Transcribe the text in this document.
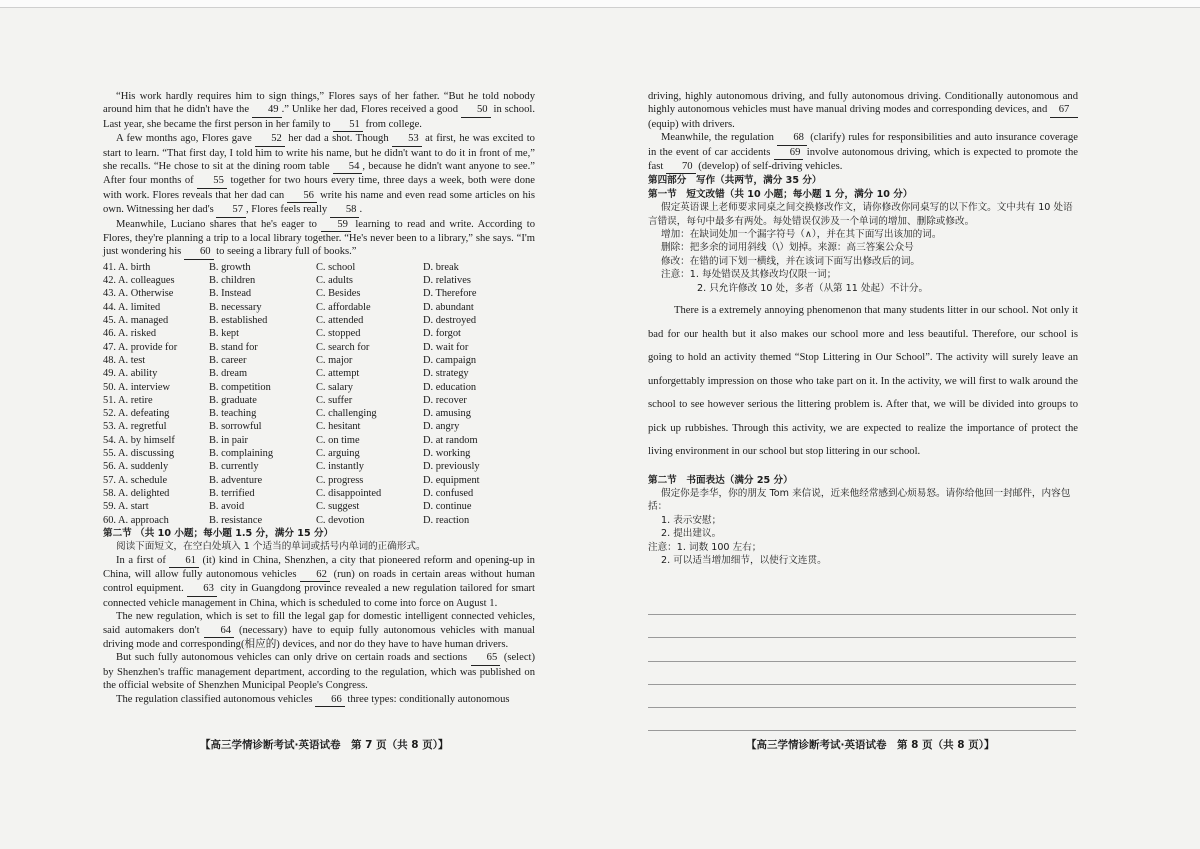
“His work hardly requires him to sign things,” Flores says of her father. “But he told nobody around him that he didn't have the 49 .” Unlike her dad, Flores received a good 50 in school. Last year, she became the first person in her family to 51 from college.

A few months ago, Flores gave 52 her dad a shot. Though 53 at first, he was excited to start to learn. “That first day, I told him to write his name, but he didn't want to do it in front of me,” she recalls. “He chose to sit at the dining room table 54 , because he didn't want anyone to see.” After four months of 55 together for two hours every time, three days a week, both were done with work. Flores reveals that her dad can 56 write his name and even read some articles on his own. Witnessing her dad's 57 , Flores feels really 58 .

Meanwhile, Luciano shares that he's eager to 59 learning to read and write. According to Flores, they're planning a trip to a local library together. “He's never been to a library,” she says. “I'm just wondering his 60 to seeing a library full of books.”

41. A. birth	B. growth	C. school	D. break
42. A. colleagues	B. children	C. adults	D. relatives
43. A. Otherwise	B. Instead	C. Besides	D. Therefore
44. A. limited	B. necessary	C. affordable	D. abundant
45. A. managed	B. established	C. attended	D. destroyed
46. A. risked	B. kept	C. stopped	D. forgot
47. A. provide for	B. stand for	C. search for	D. wait for
48. A. test	B. career	C. major	D. campaign
49. A. ability	B. dream	C. attempt	D. strategy
50. A. interview	B. competition	C. salary	D. education
51. A. retire	B. graduate	C. suffer	D. recover
52. A. defeating	B. teaching	C. challenging	D. amusing
53. A. regretful	B. sorrowful	C. hesitant	D. angry
54. A. by himself	B. in pair	C. on time	D. at random
55. A. discussing	B. complaining	C. arguing	D. working
56. A. suddenly	B. currently	C. instantly	D. previously
57. A. schedule	B. adventure	C. progress	D. equipment
58. A. delighted	B. terrified	C. disappointed	D. confused
59. A. start	B. avoid	C. suggest	D. continue
60. A. approach	B. resistance	C. devotion	D. reaction

第二节 （共 10 小题；每小题 1.5 分，满分 15 分）

阅读下面短文，在空白处填入 1 个适当的单词或括号内单词的正确形式。

In a first of 61 (it) kind in China, Shenzhen, a city that pioneered reform and opening-up in China, will allow fully autonomous vehicles 62 (run) on roads in certain areas without human control equipment. 63 city in Guangdong province revealed a new regulation tailored for smart connected vehicle management in China, which is scheduled to come into force on August 1.

The new regulation, which is set to fill the legal gap for domestic intelligent connected vehicles, said automakers don't 64 (necessary) have to equip fully autonomous vehicles with manual driving mode and corresponding(相应的) devices, and nor do they have to have human drivers.

But such fully autonomous vehicles can only drive on certain roads and sections 65 (select) by Shenzhen's traffic management department, according to the regulation, which was published on the official website of Shenzhen Municipal People's Congress.

The regulation classified autonomous vehicles 66 three types: conditionally autonomous

driving, highly autonomous driving, and fully autonomous driving. Conditionally autonomous and highly autonomous vehicles must have manual driving modes and corresponding devices, and 67 (equip) with drivers.

Meanwhile, the regulation 68 (clarify) rules for responsibilities and auto insurance coverage in the event of car accidents 69 involve autonomous driving, which is expected to promote the fast 70 (develop) of self-driving vehicles.

第四部分　写作（共两节，满分 35 分）

第一节　短文改错（共 10 小题；每小题 1 分，满分 10 分）

假定英语课上老师要求同桌之间交换修改作文，请你修改你同桌写的以下作文。文中共有 10 处语言错误，每句中最多有两处。每处错误仅涉及一个单词的增加、删除或修改。

增加：在缺词处加一个漏字符号（∧），并在其下面写出该加的词。

删除：把多余的词用斜线（\）划掉。来源：高三答案公众号

修改：在错的词下划一横线，并在该词下面写出修改后的词。

注意：1. 每处错误及其修改均仅限一词；

2. 只允许修改 10 处，多者（从第 11 处起）不计分。

There is a extremely annoying phenomenon that many students litter in our school. Not only it bad for our health but it also makes our school more and less beautiful. Therefore, our school is going to hold an activity themed “Stop Littering in Our School”. The activity will surely leave an unforgettably impression on those who take part on it. In the activity, we will first to walk around the school to see however serious the littering problem is. After that, we will be divided into groups to pick up rubbishes. Through this activity, we are expected to realize the importance of protect the living environment in our school but stop littering in our school.

第二节　书面表达（满分 25 分）

假定你是李华，你的朋友 Tom 来信说，近来他经常感到心烦易怒。请你给他回一封邮件，内容包括：

1. 表示安慰；

2. 提出建议。

注意：1. 词数 100 左右；

2. 可以适当增加细节，以使行文连贯。

【高三学情诊断考试·英语试卷　第 7 页（共 8 页）】	【高三学情诊断考试·英语试卷　第 8 页（共 8 页）】
